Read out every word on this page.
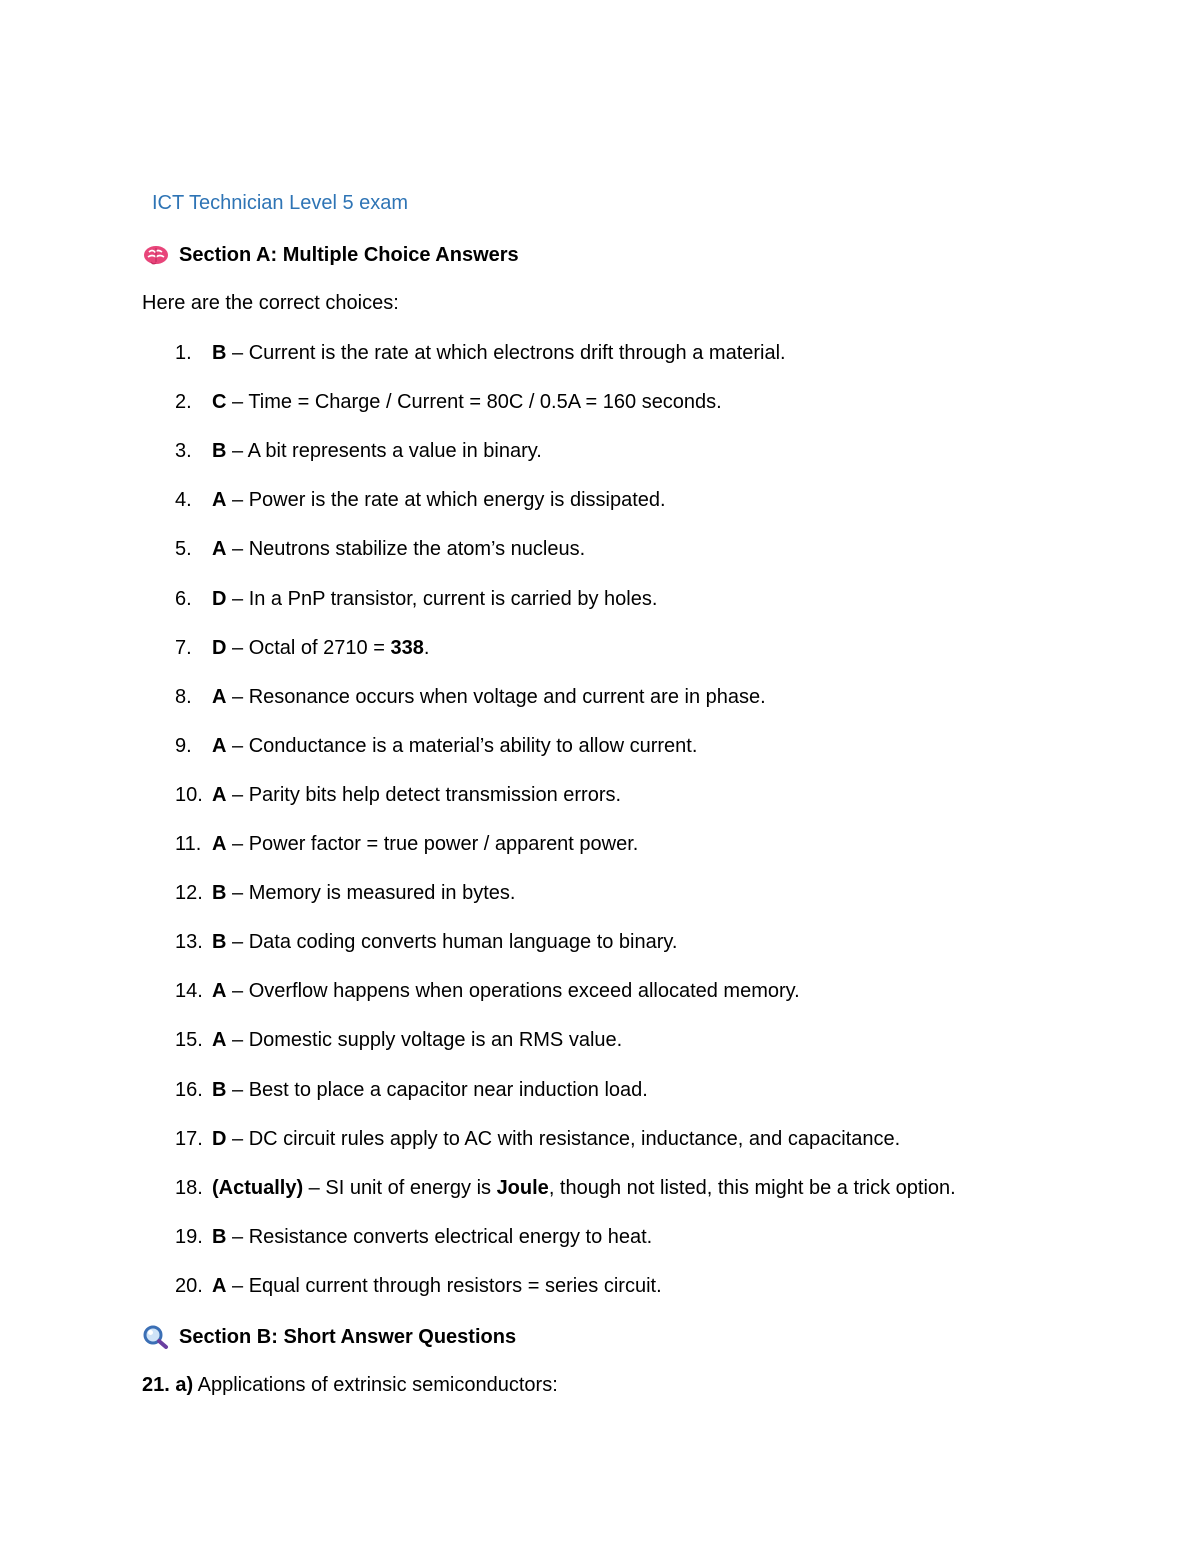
ICT Technician Level 5 exam
Section A: Multiple Choice Answers
Here are the correct choices:
1. B – Current is the rate at which electrons drift through a material.
2. C – Time = Charge / Current = 80C / 0.5A = 160 seconds.
3. B – A bit represents a value in binary.
4. A – Power is the rate at which energy is dissipated.
5. A – Neutrons stabilize the atom’s nucleus.
6. D – In a PnP transistor, current is carried by holes.
7. D – Octal of 2710 = 338.
8. A – Resonance occurs when voltage and current are in phase.
9. A – Conductance is a material’s ability to allow current.
10. A – Parity bits help detect transmission errors.
11. A – Power factor = true power / apparent power.
12. B – Memory is measured in bytes.
13. B – Data coding converts human language to binary.
14. A – Overflow happens when operations exceed allocated memory.
15. A – Domestic supply voltage is an RMS value.
16. B – Best to place a capacitor near induction load.
17. D – DC circuit rules apply to AC with resistance, inductance, and capacitance.
18. (Actually) – SI unit of energy is Joule, though not listed, this might be a trick option.
19. B – Resistance converts electrical energy to heat.
20. A – Equal current through resistors = series circuit.
Section B: Short Answer Questions
21. a) Applications of extrinsic semiconductors:
